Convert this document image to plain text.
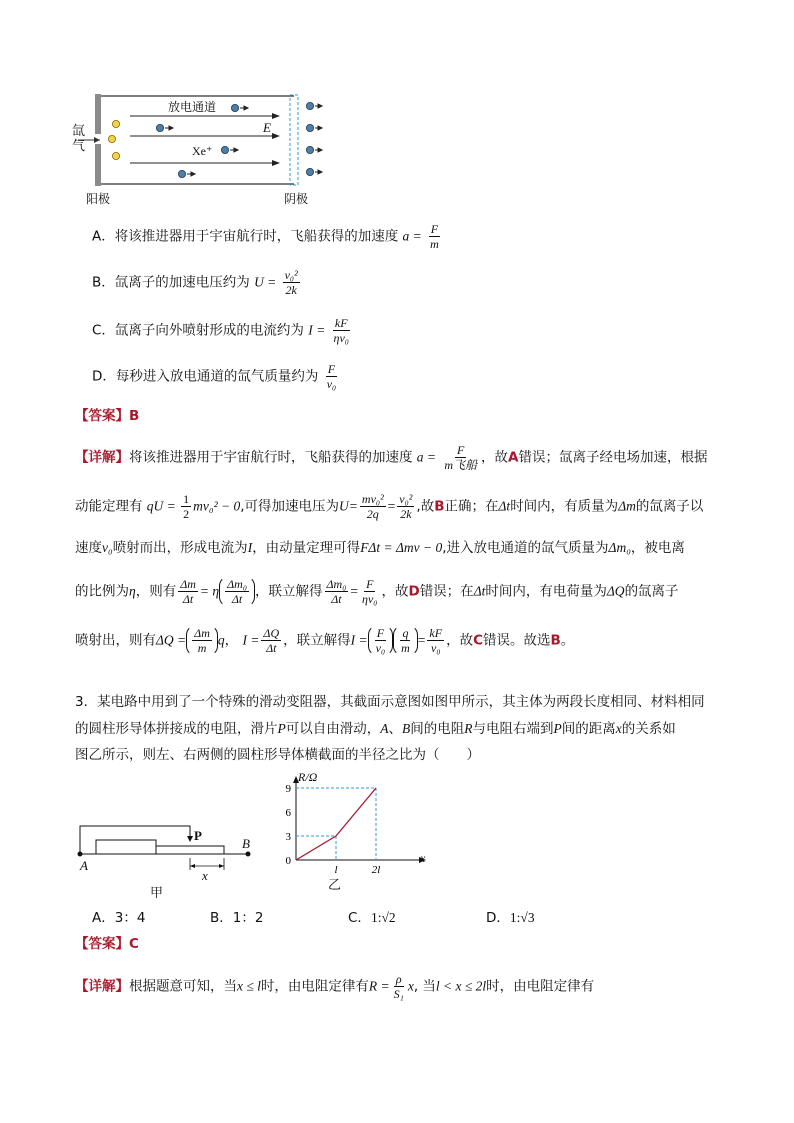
氙气
放电通道
E
Xe⁺
阳极	阴极
A．将该推进器用于宇宙航行时，飞船获得的加速度 $a = \frac{F}{m}$
B．氙离子的加速电压约为 $U = \frac{\text{v₀²}}{2k}$
C．氙离子向外喷射形成的电流约为 $I = \frac{kF}{\text{ηv₀}}$
D．每秒进入放电通道的氙气质量约为 $\frac{F}{\text{v₀}}$
【答案】B
【详解】将该推进器用于宇宙航行时，飞船获得的加速度 $a = \frac{F}{\text{m飞船}}$ ，故A错误；氙离子经电场加速，根据
动能定理有 qU = $\frac{1}{2} mv_0^2 - 0$,可得加速电压为$U= \frac{\text{mv₀²}}{2q} = \frac{\text{v₀²}}{2k}$ ,故B正确；在Δt时间内，有质量为Δm的氙离子以
速度v₀喷射而出，形成电流为I，由动量定理可得FΔt = Δmv − 0,进入放电通道的氙气质量为Δm₀，被电离
的比例为η，则有 $\frac{\Delta m}{\Delta t} = \eta \frac{\text{Δm₀}}{\Delta t}$ ，联立解得 $\frac{\text{Δm₀}}{\Delta t} = \frac{F}{\text{ηv₀}}$ ，故D错误；在Δt时间内，有电荷量为ΔQ的氙离子
喷射出，则有$\Delta Q = \frac{\Delta m}{m}$ q， $I = \frac{\Delta Q}{\Delta t}$ ，联立解得$I = \frac{F}{\text{v₀}} \frac{q}{m} = \frac{kF}{\text{v₀}}$ ，故C错误。故选B。
3．某电路中用到了一个特殊的滑动变阻器，其截面示意图如图甲所示，其主体为两段长度相同、材料相同
的圆柱形导体拼接成的电阻，滑片P可以自由滑动，A、B间的电阻R与电阻右端到P间的距离x的关系如
图乙所示，则左、右两侧的圆柱形导体横截面的半径之比为（　　）
P
A
B
x
甲
9
6
3
0
l	2l
R/Ω
x
乙
A．3：4	B．1：2	C．1:√2	D．1:√3
【答案】C
【详解】根据题意可知，当x ≤ l时，由电阻定律有$R = \frac{\rho}{\text{S₁}} x$, 当l < x ≤ 2l时，由电阻定律有
